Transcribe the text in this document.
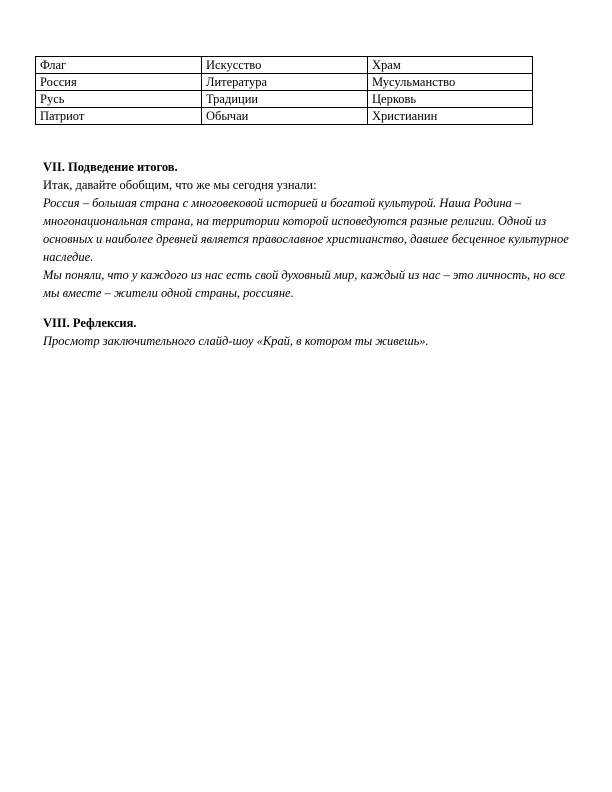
Флаг	Искусство	Храм
Россия	Литература	Мусульманство
Русь	Традиции	Церковь
Патриот	Обычаи	Христианин
VII. Подведение итогов.
Итак, давайте обобщим, что же мы сегодня узнали:
Россия – большая страна с многовековой историей и богатой культурой. Наша Родина – многонациональная страна, на территории которой исповедуются разные религии. Одной из основных и наиболее древней является православное христианство, давшее бесценное культурное наследие.
Мы поняли, что у каждого из нас есть свой духовный мир, каждый из нас – это личность, но все мы вместе – жители одной страны, россияне.
VIII. Рефлексия.
Просмотр заключительного слайд-шоу «Край, в котором ты живешь».
